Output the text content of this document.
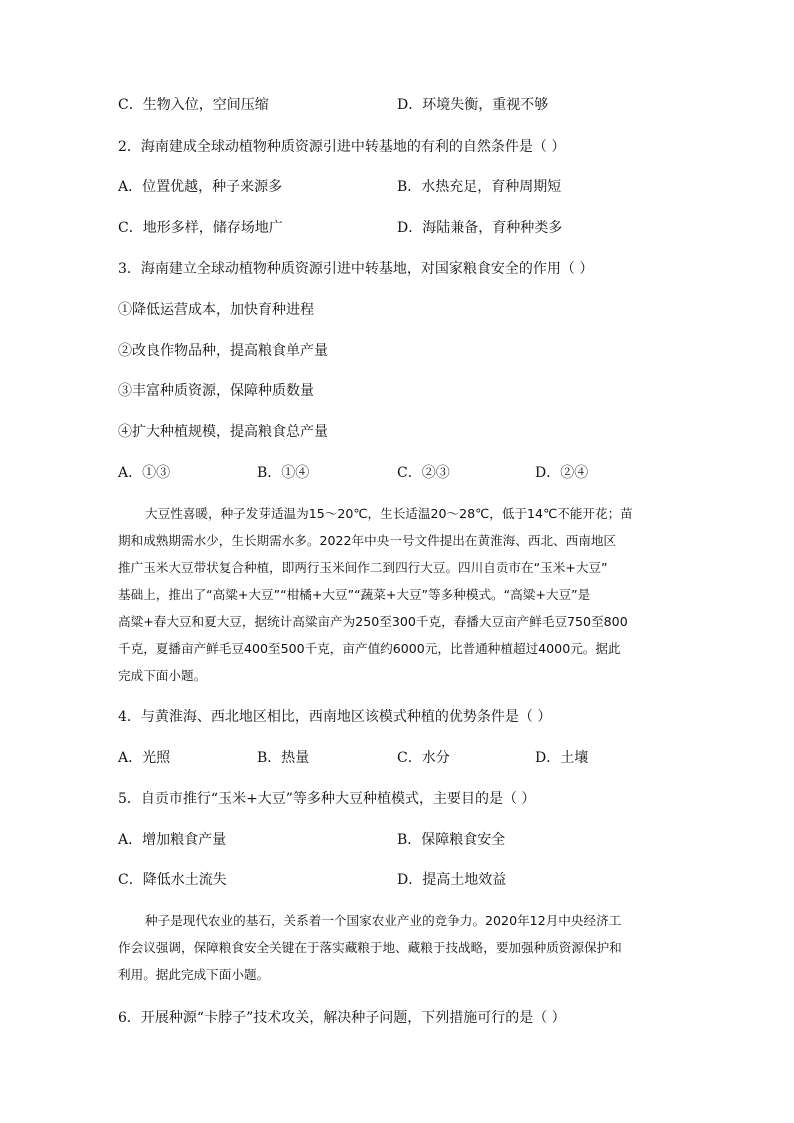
C．生物入位，空间压缩	D．环境失衡，重视不够
2．海南建成全球动植物种质资源引进中转基地的有利的自然条件是（ ）
A．位置优越，种子来源多	B．水热充足，育种周期短
C．地形多样，储存场地广	D．海陆兼备，育种种类多
3．海南建立全球动植物种质资源引进中转基地，对国家粮食安全的作用（ ）
①降低运营成本，加快育种进程
②改良作物品种，提高粮食单产量
③丰富种质资源，保障种质数量
④扩大种植规模，提高粮食总产量
A．①③	B．①④	C．②③	D．②④
大豆性喜暖，种子发芽适温为15～20℃，生长适温20～28℃，低于14℃不能开花；苗
期和成熟期需水少，生长期需水多。2022年中央一号文件提出在黄淮海、西北、西南地区
推广玉米大豆带状复合种植，即两行玉米间作二到四行大豆。四川自贡市在“玉米+大豆”
基础上，推出了“高粱+大豆”“柑橘+大豆”“蔬菜+大豆”等多种模式。“高粱+大豆”是
高粱+春大豆和夏大豆，据统计高粱亩产为250至300千克，春播大豆亩产鲜毛豆750至800
千克，夏播亩产鲜毛豆400至500千克，亩产值约6000元，比普通种植超过4000元。据此
完成下面小题。
4．与黄淮海、西北地区相比，西南地区该模式种植的优势条件是（ ）
A．光照	B．热量	C．水分	D．土壤
5．自贡市推行“玉米+大豆”等多种大豆种植模式，主要目的是（ ）
A．增加粮食产量	B．保障粮食安全
C．降低水土流失	D．提高土地效益
种子是现代农业的基石，关系着一个国家农业产业的竞争力。2020年12月中央经济工
作会议强调，保障粮食安全关键在于落实藏粮于地、藏粮于技战略，要加强种质资源保护和
利用。据此完成下面小题。
6．开展种源“卡脖子”技术攻关，解决种子问题，下列措施可行的是（ ）
